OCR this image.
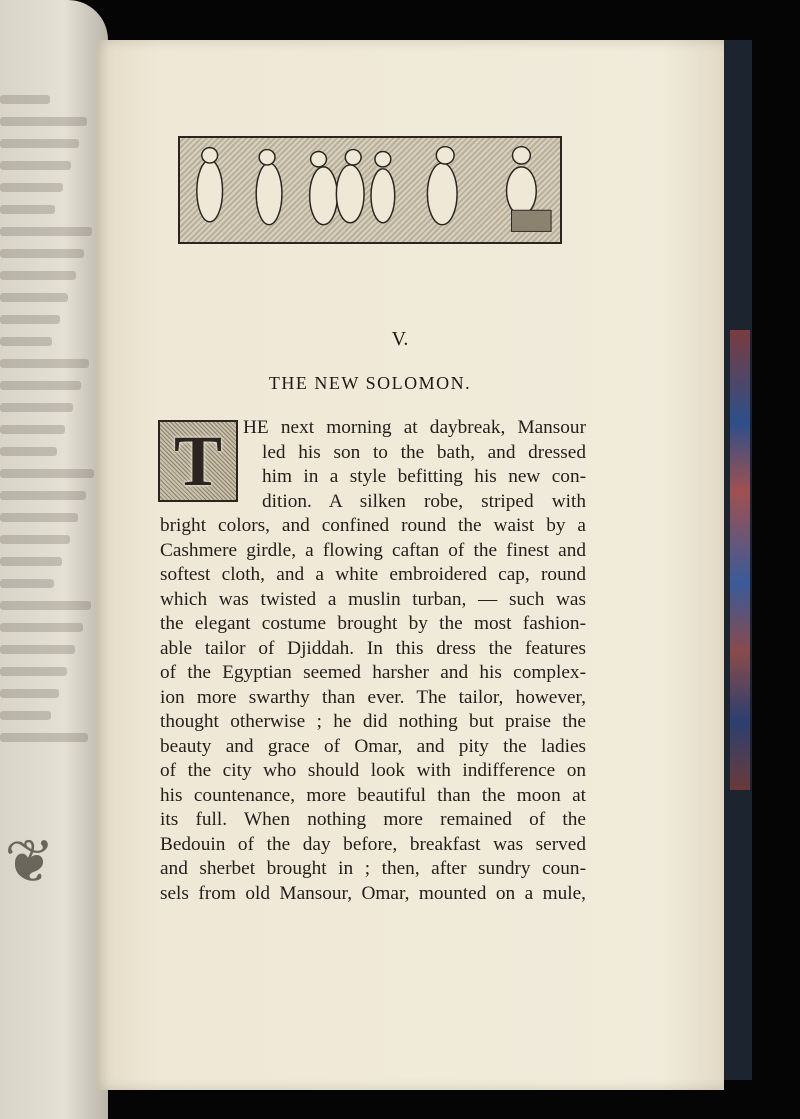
❦
V.
THE NEW SOLOMON.
T HE next morning at daybreak, Mansour
led his son to the bath, and dressed
him in a style befitting his new con-
dition. A silken robe, striped with
bright colors, and confined round the waist by a
Cashmere girdle, a flowing caftan of the finest and
softest cloth, and a white embroidered cap, round
which was twisted a muslin turban, — such was
the elegant costume brought by the most fashion-
able tailor of Djiddah. In this dress the features
of the Egyptian seemed harsher and his complex-
ion more swarthy than ever. The tailor, however,
thought otherwise ; he did nothing but praise the
beauty and grace of Omar, and pity the ladies
of the city who should look with indifference on
his countenance, more beautiful than the moon at
its full. When nothing more remained of the
Bedouin of the day before, breakfast was served
and sherbet brought in ; then, after sundry coun-
sels from old Mansour, Omar, mounted on a mule,
